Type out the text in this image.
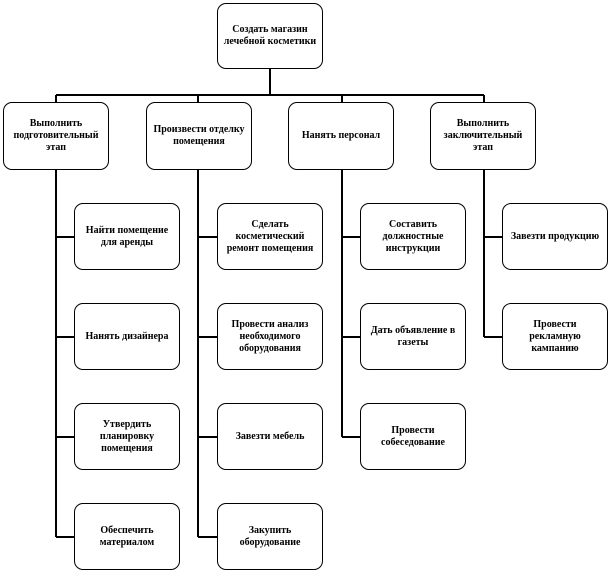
Создать магазин лечебной косметики
Выполнить подготовительный этап
Произвести отделку помещения
Нанять персонал
Выполнить заключительный этап
Найти помещение для аренды
Нанять дизайнера
Утвердить планировку помещения
Обеспечить материалом
Сделать косметический ремонт помещения
Провести анализ необходимого оборудования
Завезти мебель
Закупить оборудование
Составить должностные инструкции
Дать объявление в газеты
Провести собеседование
Завезти продукцию
Провести рекламную кампанию
